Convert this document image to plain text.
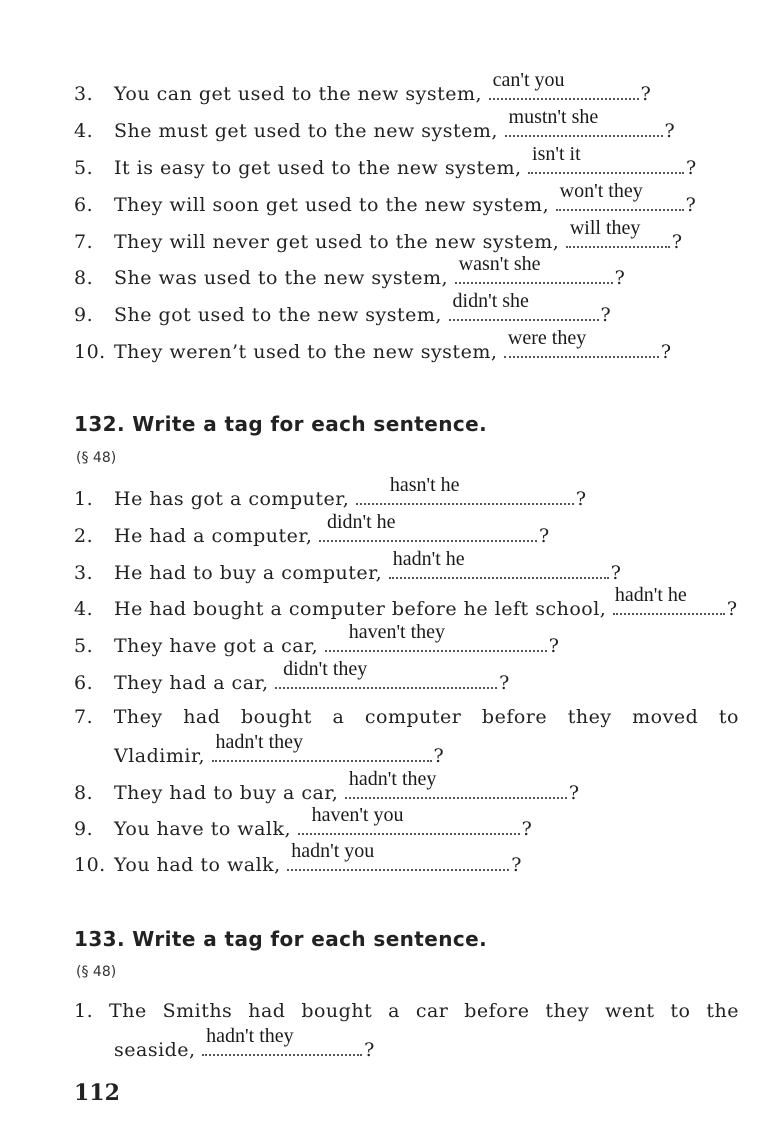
3. You can get used to the new system,
can't you
?
4. She must get used to the new system,
mustn't she
?
5. It is easy to get used to the new system,
isn't it
?
6. They will soon get used to the new system,
won't they
?
7. They will never get used to the new system,
will they
?
8. She was used to the new system,
wasn't she
?
9. She got used to the new system,
didn't she
?
10. They weren’t used to the new system,
were they
?
132. Write a tag for each sentence.
(§ 48)
1. He has got a computer,
hasn't he
?
2. He had a computer,
didn't he
?
3. He had to buy a computer,
hadn't he
?
4. He had bought a computer before he left school,
hadn't he
?
5. They have got a car,
haven't they
?
6. They had a car,
didn't they
?
7. They had bought a computer before they moved to
Vladimir,
hadn't they
?
8. They had to buy a car,
hadn't they
?
9. You have to walk,
haven't you
?
10. You had to walk,
hadn't you
?
133. Write a tag for each sentence.
(§ 48)
1. The Smiths had bought a car before they went to the
seaside,
hadn't they
?
112
